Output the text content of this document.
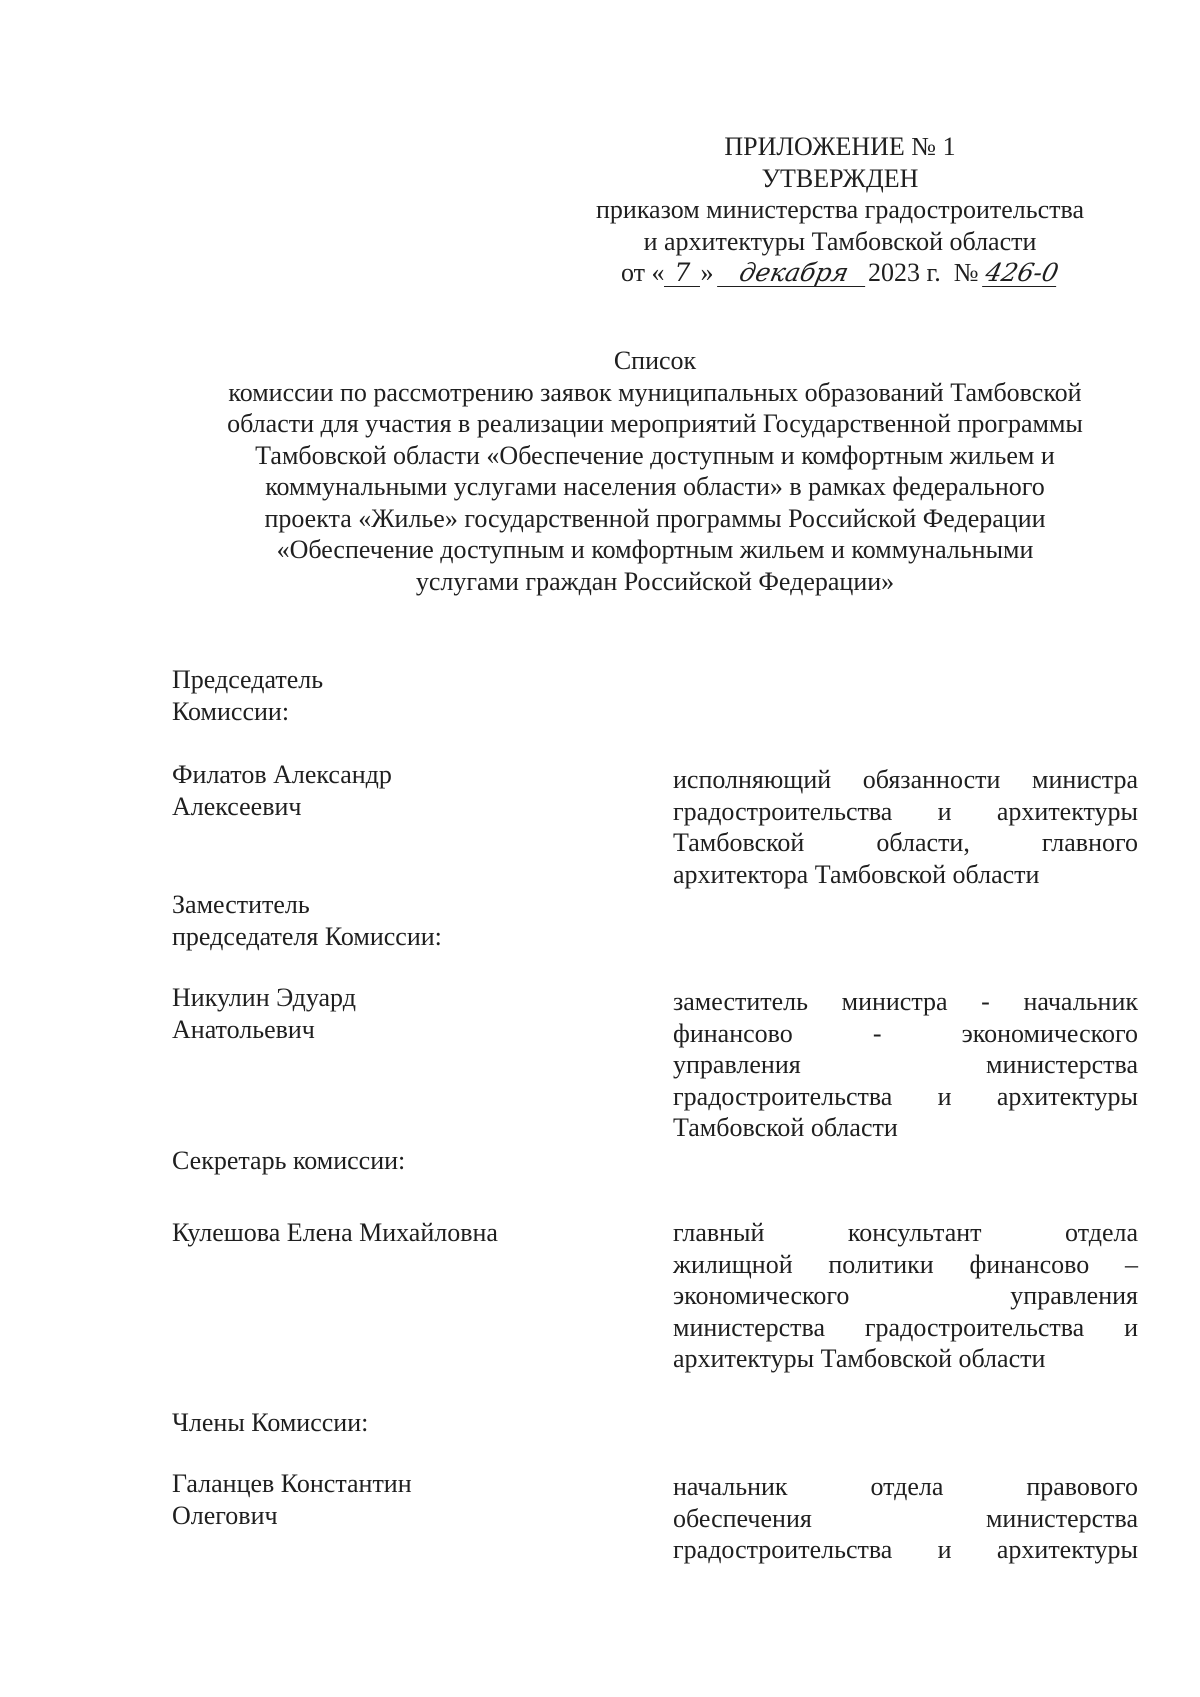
ПРИЛОЖЕНИЕ № 1
УТВЕРЖДЕН
приказом министерства градостроительства
и архитектуры Тамбовской области
от « 7 » декабря 2023 г. № 426-0
Список
комиссии по рассмотрению заявок муниципальных образований Тамбовской
области для участия в реализации мероприятий Государственной программы
Тамбовской области «Обеспечение доступным и комфортным жильем и
коммунальными услугами населения области» в рамках федерального
проекта «Жилье» государственной программы Российской Федерации
«Обеспечение доступным и комфортным жильем и коммунальными
услугами граждан Российской Федерации»
Председатель
Комиссии:
Филатов Александр
Алексеевич
исполняющий обязанности министра
градостроительства и архитектуры
Тамбовской области, главного
архитектора Тамбовской области
Заместитель
председателя Комиссии:
Никулин Эдуард
Анатольевич
заместитель министра - начальник
финансово - экономического
управления министерства
градостроительства и архитектуры
Тамбовской области
Секретарь комиссии:
Кулешова Елена Михайловна	главный консультант отдела
жилищной политики финансово –
экономического управления
министерства градостроительства и
архитектуры Тамбовской области
Члены Комиссии:
Галанцев Константин
Олегович
начальник отдела правового
обеспечения министерства
градостроительства и архитектуры
